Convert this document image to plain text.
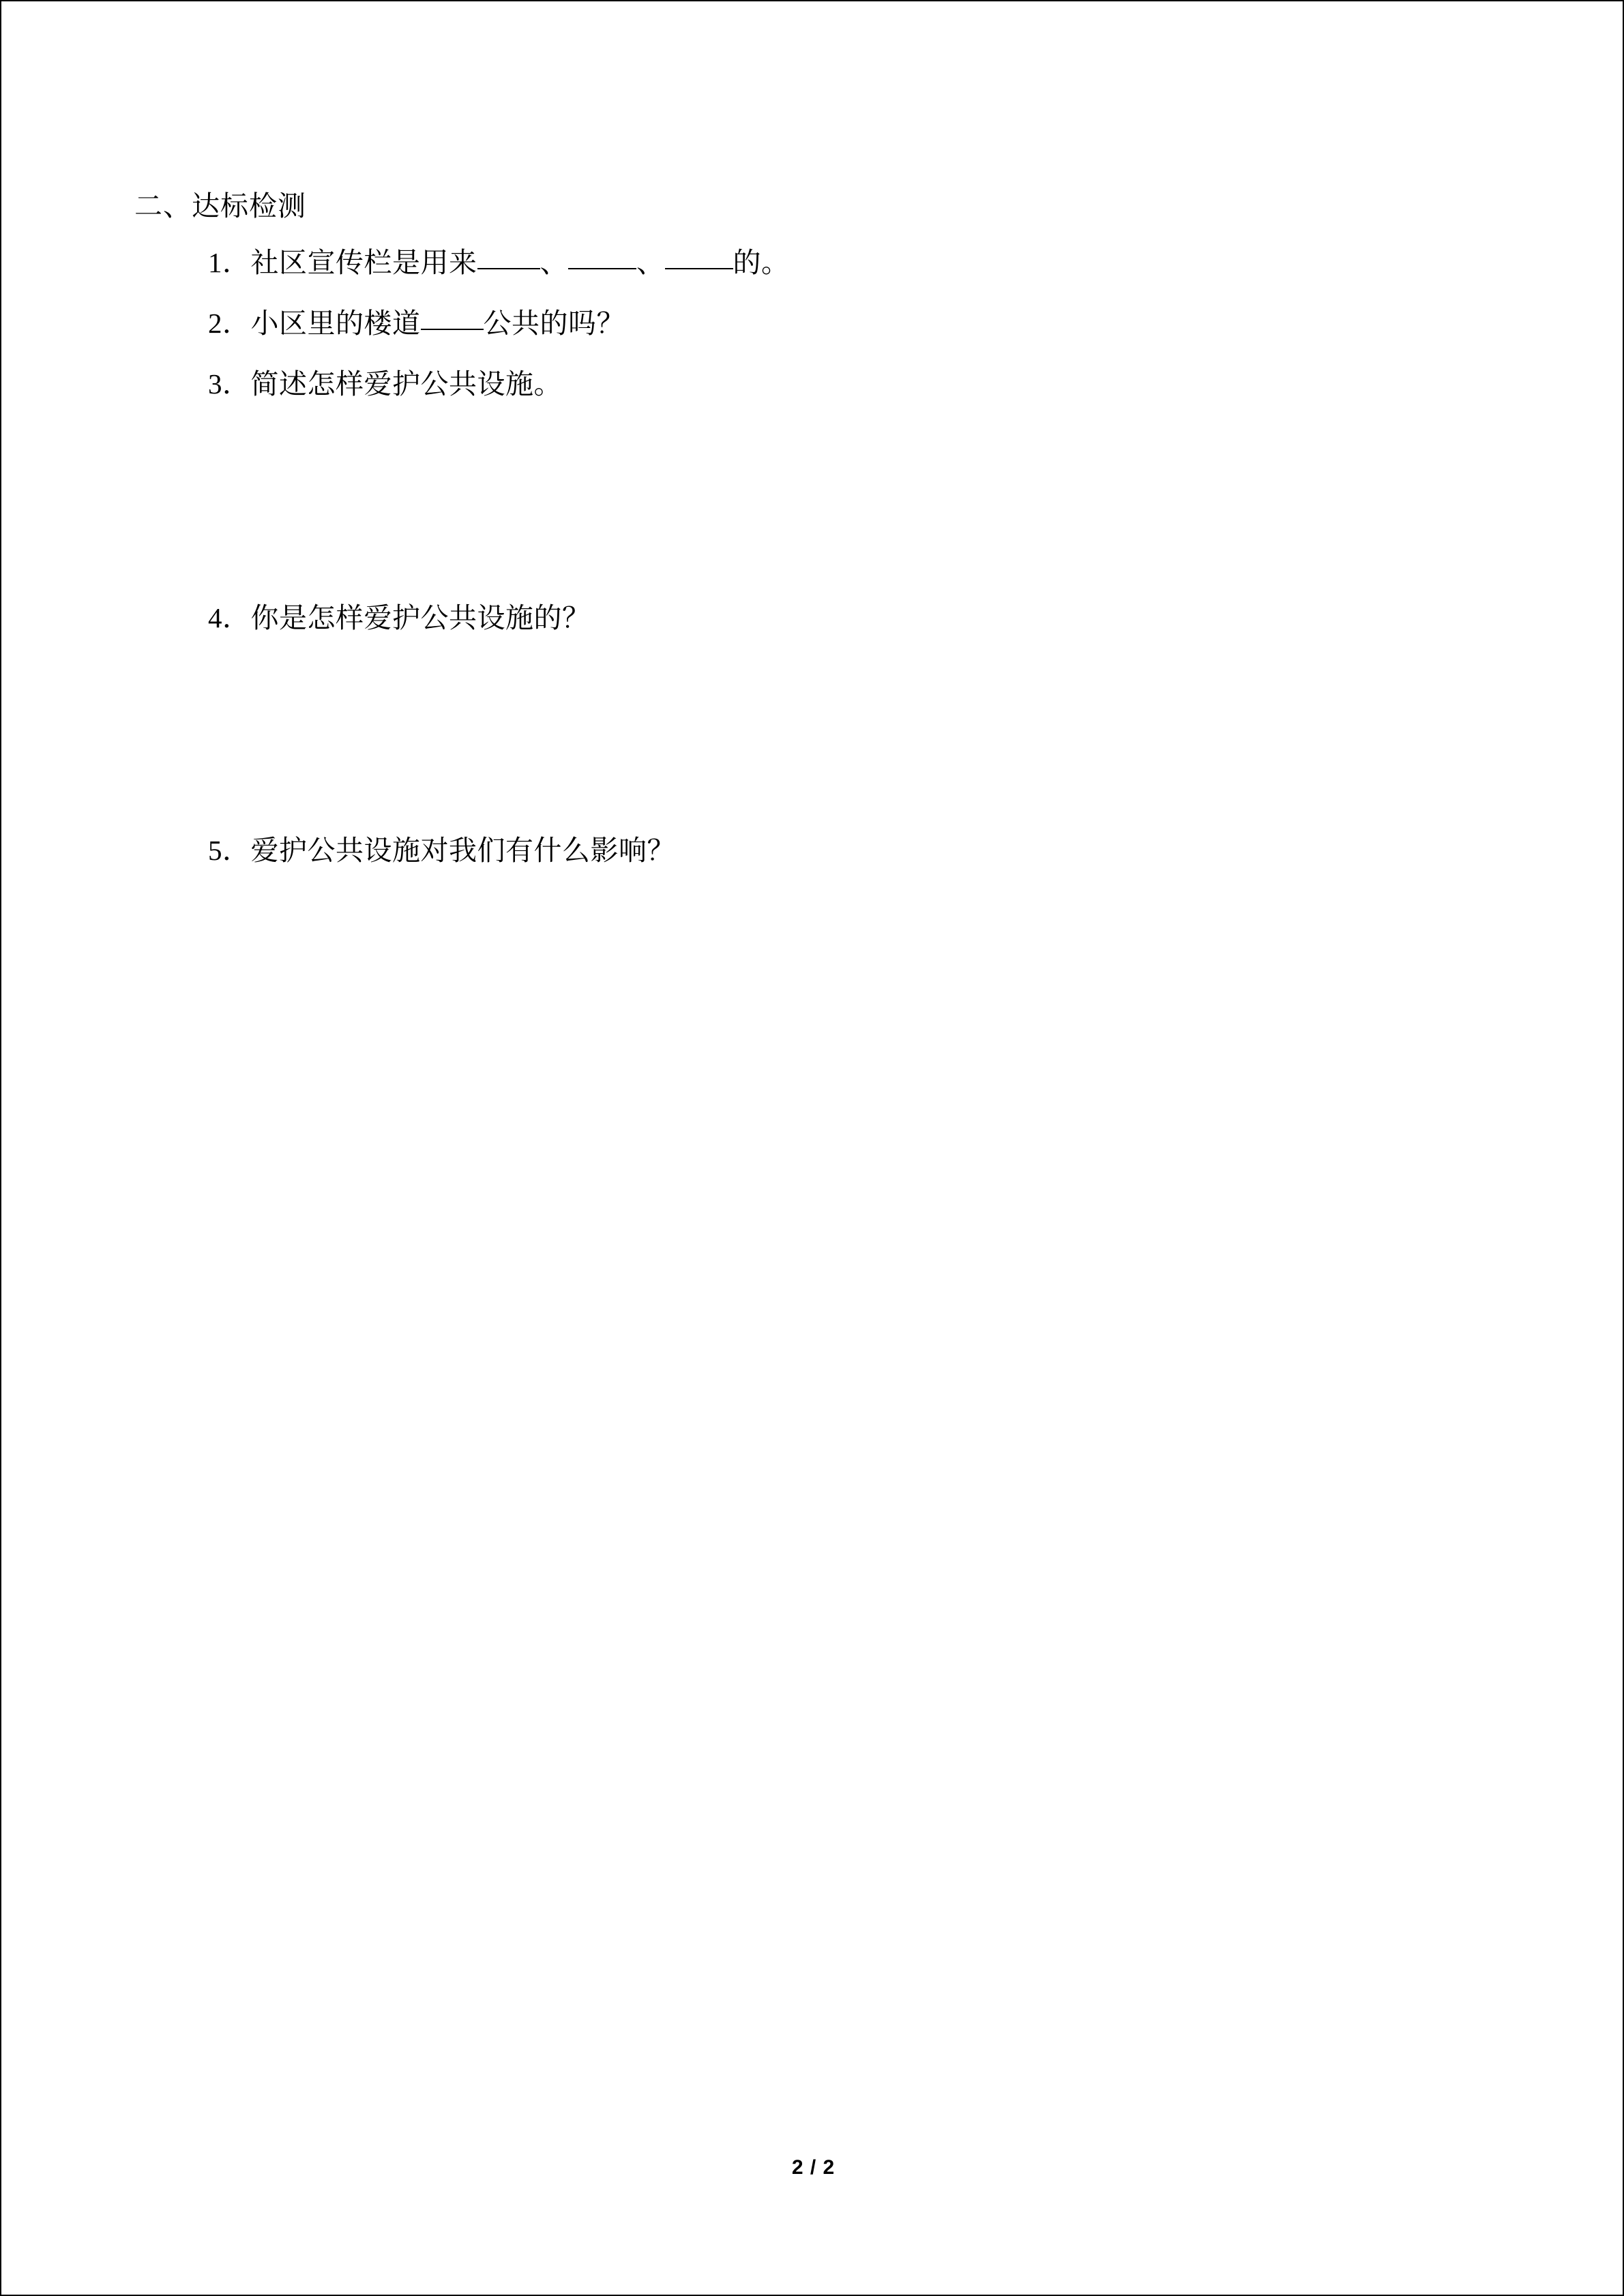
二、达标检测
1．社区宣传栏是用来 、 、 的。
2．小区里的楼道 公共的吗？
3．简述怎样爱护公共设施。
4．你是怎样爱护公共设施的？
5．爱护公共设施对我们有什么影响？
2 / 2
